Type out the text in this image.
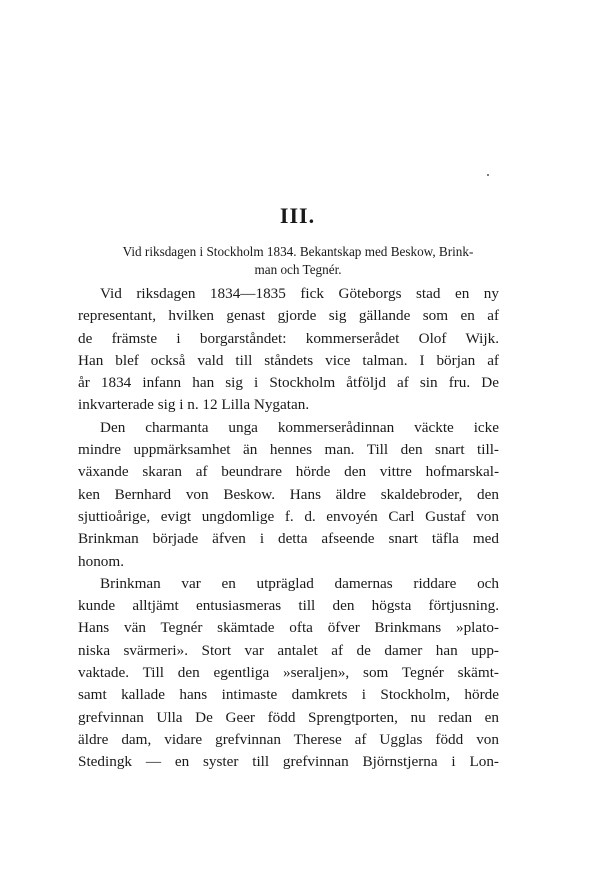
III.
Vid riksdagen i Stockholm 1834. Bekantskap med Beskow, Brink-
man och Tegnér.

Vid riksdagen 1834—1835 fick Göteborgs stad en ny
representant, hvilken genast gjorde sig gällande som en af
de främste i borgarståndet: kommerserådet Olof Wijk.
Han blef också vald till ståndets vice talman. I början af
år 1834 infann han sig i Stockholm åtföljd af sin fru. De
inkvarterade sig i n. 12 Lilla Nygatan.

Den charmanta unga kommerserådinnan väckte icke
mindre uppmärksamhet än hennes man. Till den snart till-
växande skaran af beundrare hörde den vittre hofmarskal-
ken Bernhard von Beskow. Hans äldre skaldebroder, den
sjuttioårige, evigt ungdomlige f. d. envoyén Carl Gustaf von
Brinkman började äfven i detta afseende snart täfla med
honom.

Brinkman var en utpräglad damernas riddare och
kunde alltjämt entusiasmeras till den högsta förtjusning.
Hans vän Tegnér skämtade ofta öfver Brinkmans »plato-
niska svärmeri». Stort var antalet af de damer han upp-
vaktade. Till den egentliga »seraljen», som Tegnér skämt-
samt kallade hans intimaste damkrets i Stockholm, hörde
grefvinnan Ulla De Geer född Sprengtporten, nu redan en
äldre dam, vidare grefvinnan Therese af Ugglas född von
Stedingk — en syster till grefvinnan Björnstjerna i Lon-
